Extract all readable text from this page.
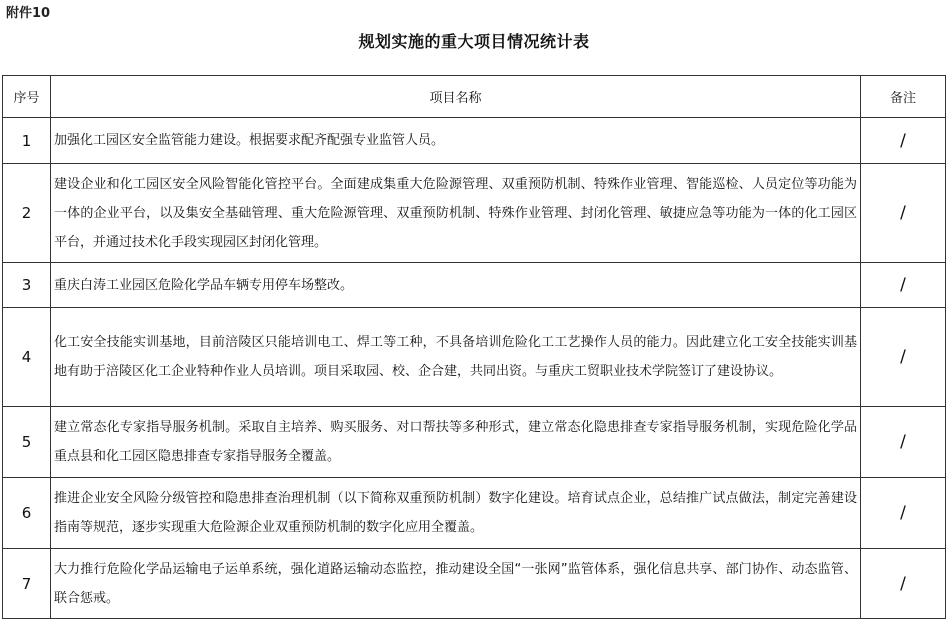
附件10
规划实施的重大项目情况统计表
序号	项目名称	备注
1	加强化工园区安全监管能力建设。根据要求配齐配强专业监管人员。	/
2	建设企业和化工园区安全风险智能化管控平台。全面建成集重大危险源管理、双重预防机制、特殊作业管理、智能巡检、人员定位等功能为一体的企业平台，以及集安全基础管理、重大危险源管理、双重预防机制、特殊作业管理、封闭化管理、敏捷应急等功能为一体的化工园区平台，并通过技术化手段实现园区封闭化管理。	/
3	重庆白涛工业园区危险化学品车辆专用停车场整改。	/
4	化工安全技能实训基地，目前涪陵区只能培训电工、焊工等工种，不具备培训危险化工工艺操作人员的能力。因此建立化工安全技能实训基地有助于涪陵区化工企业特种作业人员培训。项目采取园、校、企合建，共同出资。与重庆工贸职业技术学院签订了建设协议。	/
5	建立常态化专家指导服务机制。采取自主培养、购买服务、对口帮扶等多种形式，建立常态化隐患排查专家指导服务机制，实现危险化学品重点县和化工园区隐患排查专家指导服务全覆盖。	/
6	推进企业安全风险分级管控和隐患排查治理机制（以下简称双重预防机制）数字化建设。培育试点企业，总结推广试点做法，制定完善建设指南等规范，逐步实现重大危险源企业双重预防机制的数字化应用全覆盖。	/
7	大力推行危险化学品运输电子运单系统，强化道路运输动态监控，推动建设全国“一张网”监管体系，强化信息共享、部门协作、动态监管、联合惩戒。	/
